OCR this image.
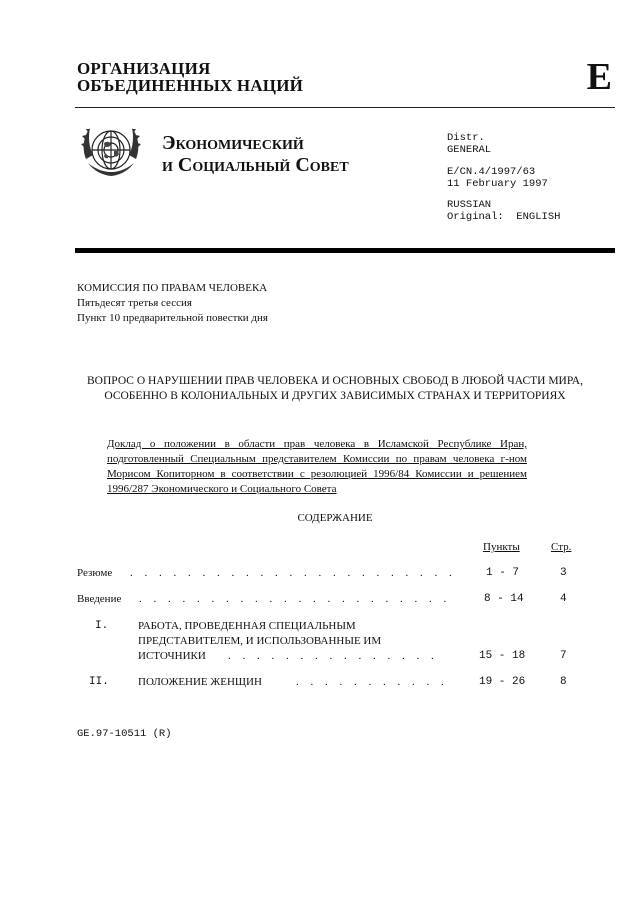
ОРГАНИЗАЦИЯ
ОБЪЕДИНЕННЫХ НАЦИЙ	E
Экономический
и Социальный Совет
Distr.
GENERAL
E/CN.4/1997/63
11 February 1997
RUSSIAN
Original:  ENGLISH
КОМИССИЯ ПО ПРАВАМ ЧЕЛОВЕКА
Пятьдесят третья сессия
Пункт 10 предварительной повестки дня
ВОПРОС О НАРУШЕНИИ ПРАВ ЧЕЛОВЕКА И ОСНОВНЫХ СВОБОД В ЛЮБОЙ ЧАСТИ МИРА, ОСОБЕННО В КОЛОНИАЛЬНЫХ И ДРУГИХ ЗАВИСИМЫХ СТРАНАХ И ТЕРРИТОРИЯХ
Доклад о положении в области прав человека в Исламской Республике Иран, подготовленный Специальным представителем Комиссии по правам человека г-ном Морисом Копиторном в соответствии с резолюцией 1996/84 Комиссии и решением 1996/287 Экономического и Социального Совета
СОДЕРЖАНИЕ
Пункты	Стр.
Резюме . . . . . . . . . . . . . . . . . . . . . . .	1 - 7	3
Введение . . . . . . . . . . . . . . . . . . . . . .	8 - 14	4
I.	РАБОТА, ПРОВЕДЕННАЯ СПЕЦИАЛЬНЫМ
ПРЕДСТАВИТЕЛЕМ, И ИСПОЛЬЗОВАННЫЕ ИМ
ИСТОЧНИКИ . . . . . . . . . . . . . . .	15 - 18	7
II.	ПОЛОЖЕНИЕ ЖЕНЩИН	. . . . . . . . . . .	19 - 26	8
GE.97-10511 (R)
